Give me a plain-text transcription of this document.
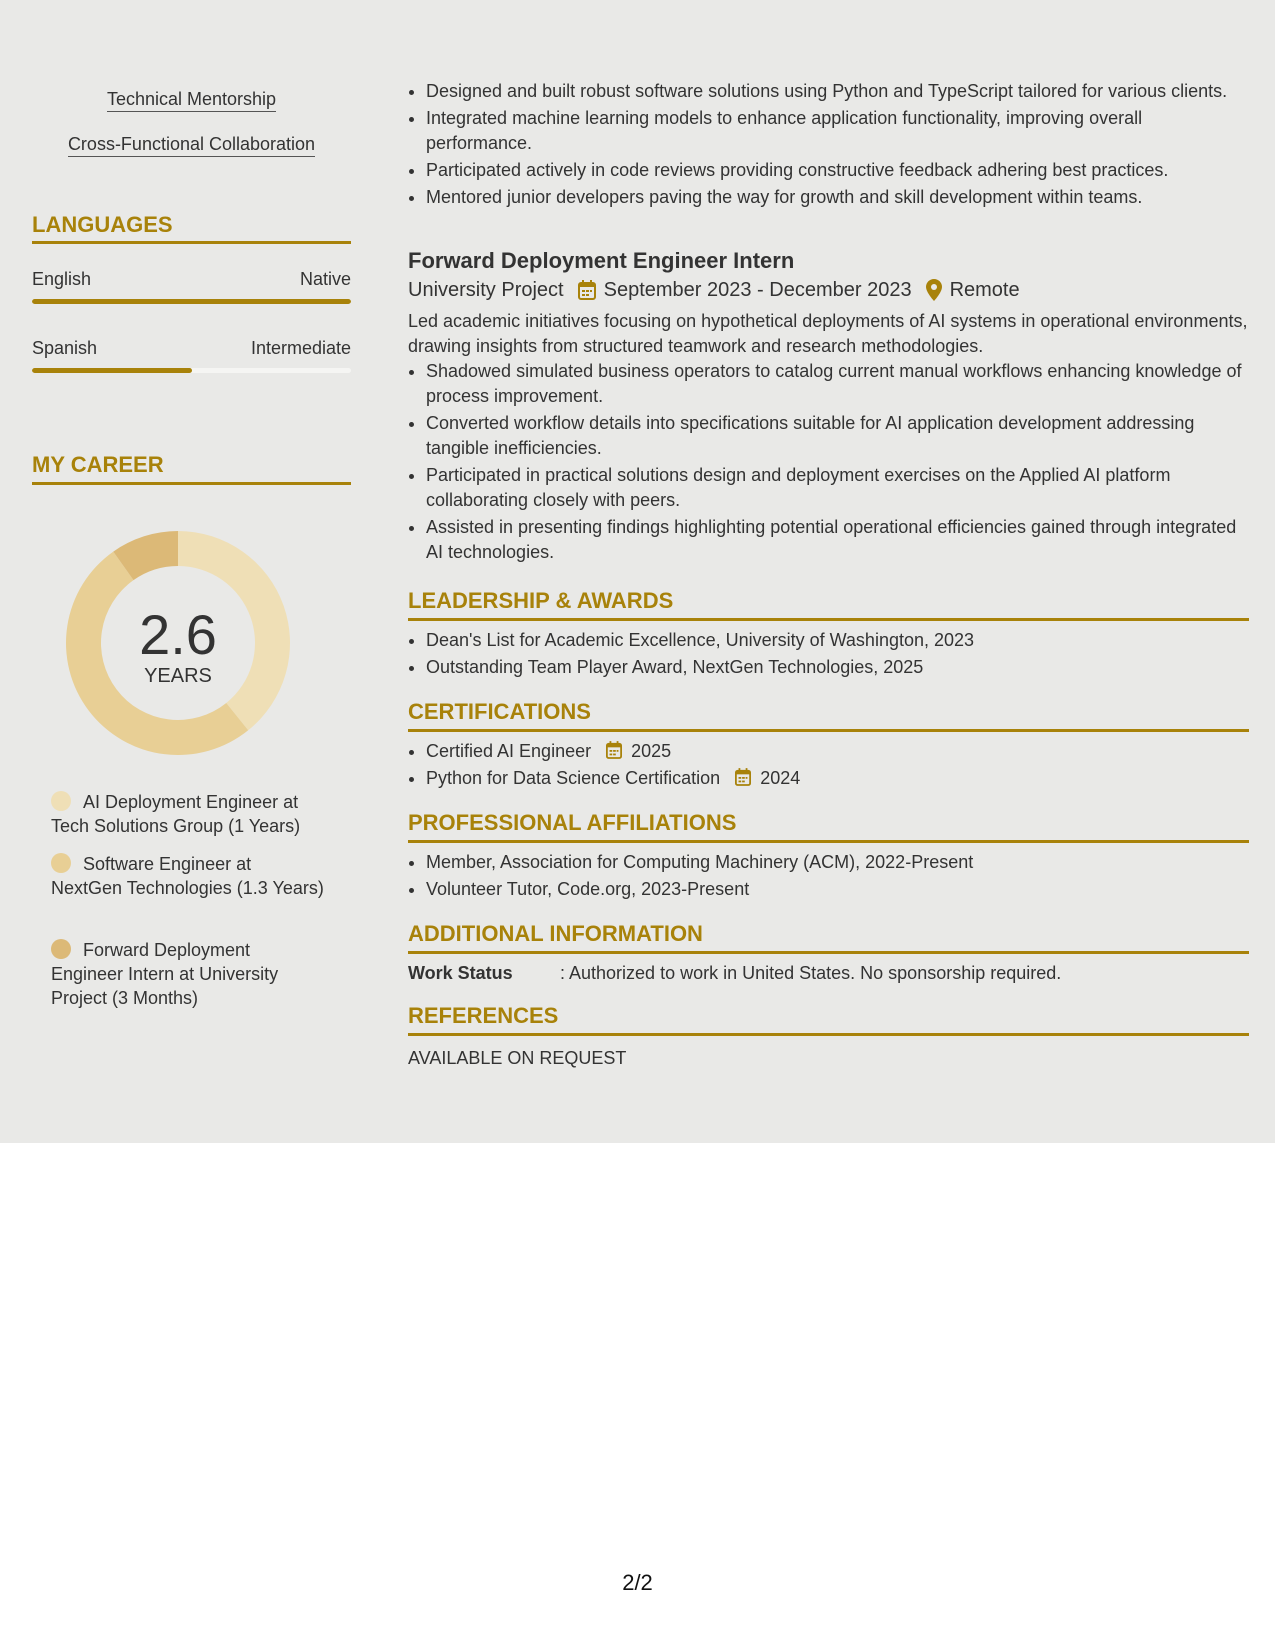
Technical Mentorship
Cross-Functional Collaboration
LANGUAGES
English	Native
Spanish	Intermediate
MY CAREER
2.6
YEARS
AI Deployment Engineer at Tech Solutions Group (1 Years)
Software Engineer at NextGen Technologies (1.3 Years)
Forward Deployment Engineer Intern at University Project (3 Months)
• Designed and built robust software solutions using Python and TypeScript tailored for various clients.
• Integrated machine learning models to enhance application functionality, improving overall performance.
• Participated actively in code reviews providing constructive feedback adhering best practices.
• Mentored junior developers paving the way for growth and skill development within teams.
Forward Deployment Engineer Intern
University Project September 2023 - December 2023 Remote
Led academic initiatives focusing on hypothetical deployments of AI systems in operational environments, drawing insights from structured teamwork and research methodologies.
• Shadowed simulated business operators to catalog current manual workflows enhancing knowledge of process improvement.
• Converted workflow details into specifications suitable for AI application development addressing tangible inefficiencies.
• Participated in practical solutions design and deployment exercises on the Applied AI platform collaborating closely with peers.
• Assisted in presenting findings highlighting potential operational efficiencies gained through integrated AI technologies.
LEADERSHIP & AWARDS
• Dean's List for Academic Excellence, University of Washington, 2023
• Outstanding Team Player Award, NextGen Technologies, 2025
CERTIFICATIONS
• Certified AI Engineer 2025
• Python for Data Science Certification 2024
PROFESSIONAL AFFILIATIONS
• Member, Association for Computing Machinery (ACM), 2022-Present
• Volunteer Tutor, Code.org, 2023-Present
ADDITIONAL INFORMATION
Work Status	: Authorized to work in United States. No sponsorship required.
REFERENCES
AVAILABLE ON REQUEST
2/2
